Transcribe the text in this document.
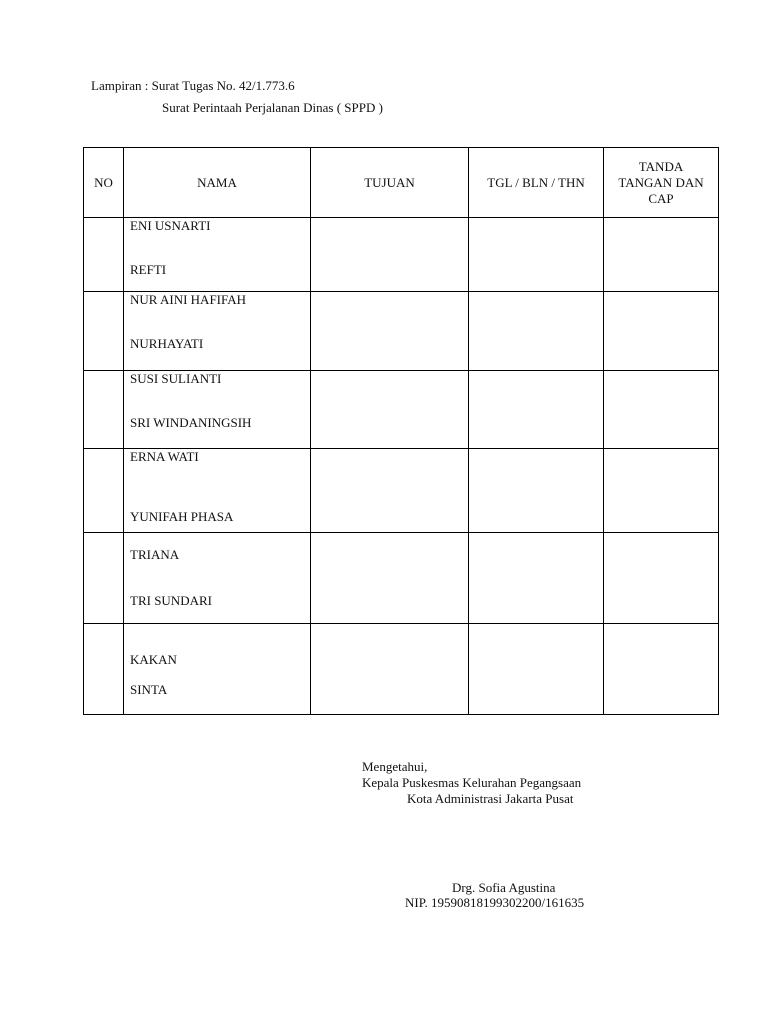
Lampiran : Surat Tugas No. 42/1.773.6
Surat Perintaah Perjalanan Dinas ( SPPD )
NO	NAMA	TUJUAN	TGL / BLN / THN	TANDA
TANGAN DAN
CAP

	ENI USNARTI
REFTI			

	NUR AINI HAFIFAH
NURHAYATI			

	SUSI SULIANTI
SRI WINDANINGSIH			

	ERNA WATI
YUNIFAH PHASA			

	TRIANA
TRI SUNDARI			

	KAKAN
SINTA			

Mengetahui,
Kepala Puskesmas Kelurahan Pegangsaan
Kota Administrasi Jakarta Pusat
Drg. Sofia Agustina
NIP. 19590818199302200/161635
